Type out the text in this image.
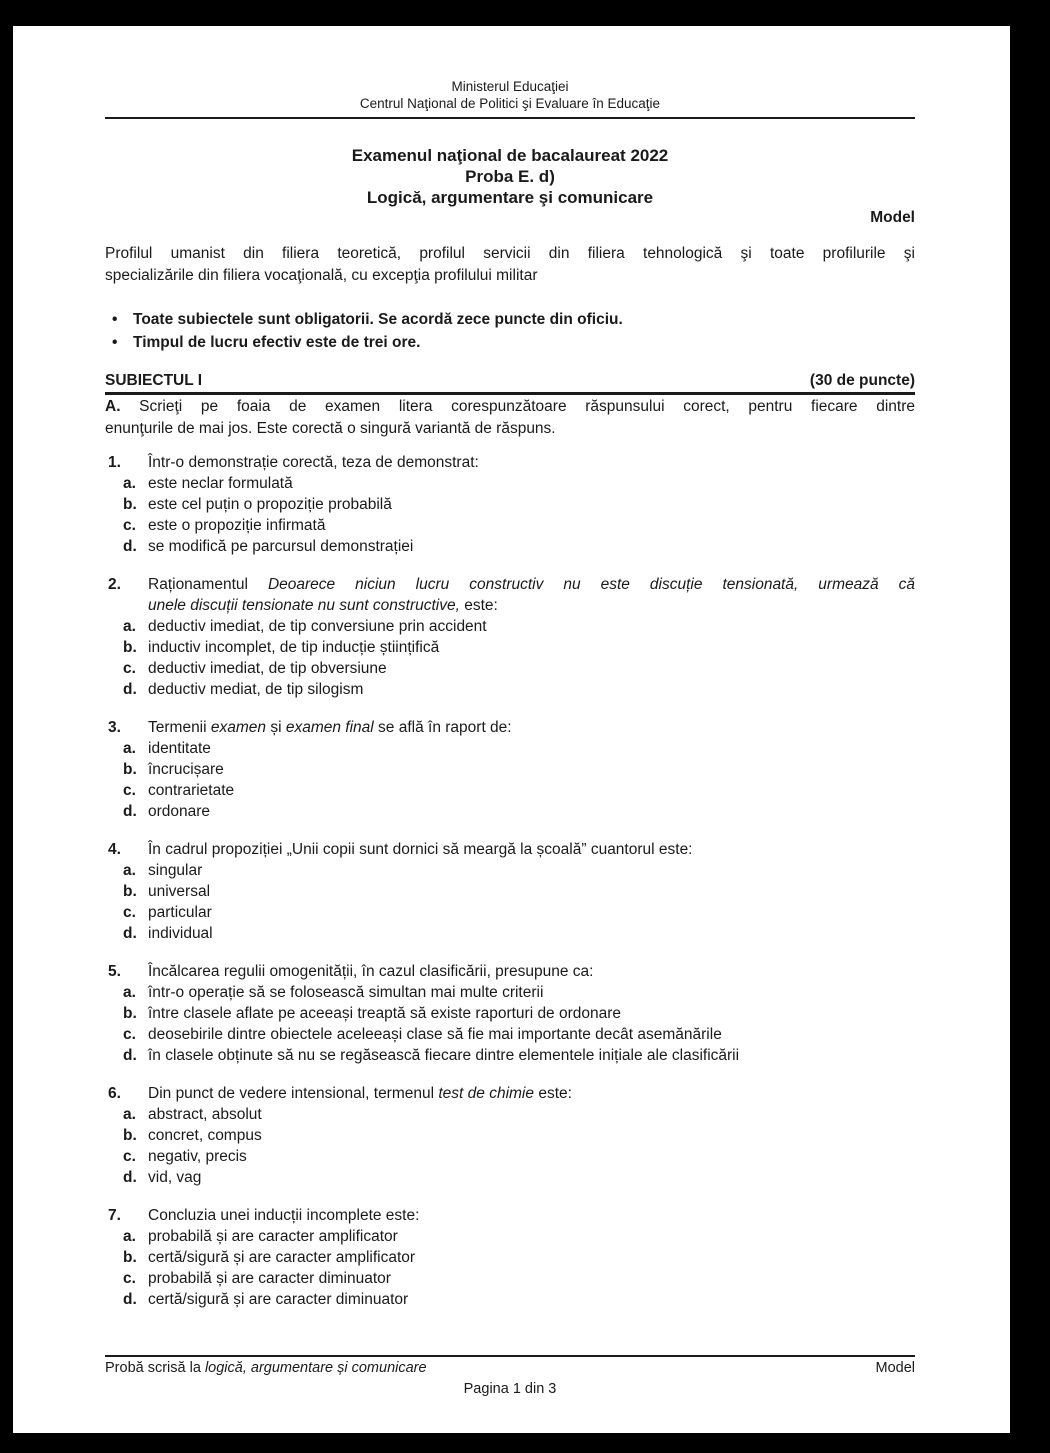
Ministerul Educaţiei
Centrul Naţional de Politici şi Evaluare în Educaţie
Examenul naţional de bacalaureat 2022
Proba E. d)
Logică, argumentare şi comunicare
Model
Profilul umanist din filiera teoretică, profilul servicii din filiera tehnologică şi toate profilurile şi
specializările din filiera vocaţională, cu excepţia profilului militar
•	Toate subiectele sunt obligatorii. Se acordă zece puncte din oficiu.
•	Timpul de lucru efectiv este de trei ore.
SUBIECTUL I	(30 de puncte)
A. Scrieţi pe foaia de examen litera corespunzătoare răspunsului corect, pentru fiecare dintre
enunţurile de mai jos. Este corectă o singură variantă de răspuns.
1.	Într-o demonstrație corectă, teza de demonstrat:
a. este neclar formulată
b. este cel puțin o propoziție probabilă
c. este o propoziție infirmată
d. se modifică pe parcursul demonstrației
2.	Raționamentul Deoarece niciun lucru constructiv nu este discuție tensionată, urmează că
unele discuții tensionate nu sunt constructive, este:
a. deductiv imediat, de tip conversiune prin accident
b. inductiv incomplet, de tip inducție științifică
c. deductiv imediat, de tip obversiune
d. deductiv mediat, de tip silogism
3.	Termenii examen și examen final se află în raport de:
a. identitate
b. încrucișare
c. contrarietate
d. ordonare
4.	În cadrul propoziției „Unii copii sunt dornici să meargă la școală” cuantorul este:
a. singular
b. universal
c. particular
d. individual
5.	Încălcarea regulii omogenității, în cazul clasificării, presupune ca:
a. într-o operație să se folosească simultan mai multe criterii
b. între clasele aflate pe aceeași treaptă să existe raporturi de ordonare
c. deosebirile dintre obiectele aceleeași clase să fie mai importante decât asemănările
d. în clasele obținute să nu se regăsească fiecare dintre elementele inițiale ale clasificării
6.	Din punct de vedere intensional, termenul test de chimie este:
a. abstract, absolut
b. concret, compus
c. negativ, precis
d. vid, vag
7.	Concluzia unei inducții incomplete este:
a. probabilă și are caracter amplificator
b. certă/sigură și are caracter amplificator
c. probabilă și are caracter diminuator
d. certă/sigură și are caracter diminuator
Probă scrisă la logică, argumentare și comunicare	Model
Pagina 1 din 3
